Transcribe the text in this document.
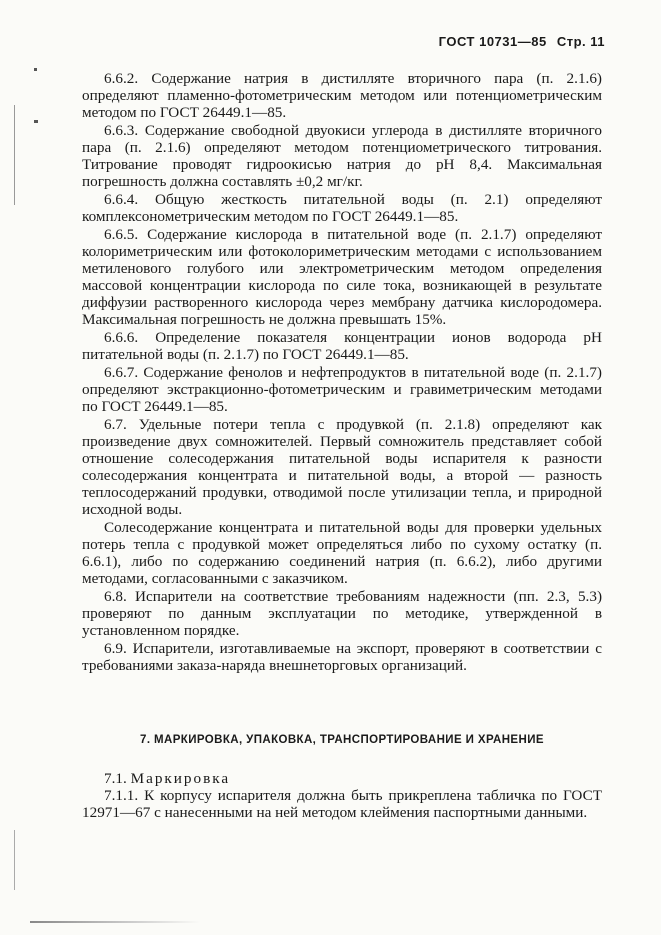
ГОСТ 10731—85 Стр. 11

6.6.2. Содержание натрия в дистилляте вторичного пара (п. 2.1.6) определяют пламенно-фотометрическим методом или потенциометрическим методом по ГОСТ 26449.1—85.

6.6.3. Содержание свободной двуокиси углерода в дистилляте вторичного пара (п. 2.1.6) определяют методом потенциометрического титрования. Титрование проводят гидроокисью натрия до pH 8,4. Максимальная погрешность должна составлять ±0,2 мг/кг.

6.6.4. Общую жесткость питательной воды (п. 2.1) определяют комплексонометрическим методом по ГОСТ 26449.1—85.

6.6.5. Содержание кислорода в питательной воде (п. 2.1.7) определяют колориметрическим или фотоколориметрическим методами с использованием метиленового голубого или электрометрическим методом определения массовой концентрации кислорода по силе тока, возникающей в результате диффузии растворенного кислорода через мембрану датчика кислородомера. Максимальная погрешность не должна превышать 15%.

6.6.6. Определение показателя концентрации ионов водорода pH питательной воды (п. 2.1.7) по ГОСТ 26449.1—85.

6.6.7. Содержание фенолов и нефтепродуктов в питательной воде (п. 2.1.7) определяют экстракционно-фотометрическим и гравиметрическим методами по ГОСТ 26449.1—85.

6.7. Удельные потери тепла с продувкой (п. 2.1.8) определяют как произведение двух сомножителей. Первый сомножитель представляет собой отношение солесодержания питательной воды испарителя к разности солесодержания концентрата и питательной воды, а второй — разность теплосодержаний продувки, отводимой после утилизации тепла, и природной исходной воды.

Солесодержание концентрата и питательной воды для проверки удельных потерь тепла с продувкой может определяться либо по сухому остатку (п. 6.6.1), либо по содержанию соединений натрия (п. 6.6.2), либо другими методами, согласованными с заказчиком.

6.8. Испарители на соответствие требованиям надежности (пп. 2.3, 5.3) проверяют по данным эксплуатации по методике, утвержденной в установленном порядке.

6.9. Испарители, изготавливаемые на экспорт, проверяют в соответствии с требованиями заказа-наряда внешнеторговых организаций.

7. МАРКИРОВКА, УПАКОВКА, ТРАНСПОРТИРОВАНИЕ И ХРАНЕНИЕ

7.1. Маркировка

7.1.1. К корпусу испарителя должна быть прикреплена табличка по ГОСТ 12971—67 с нанесенными на ней методом клеймения паспортными данными.
